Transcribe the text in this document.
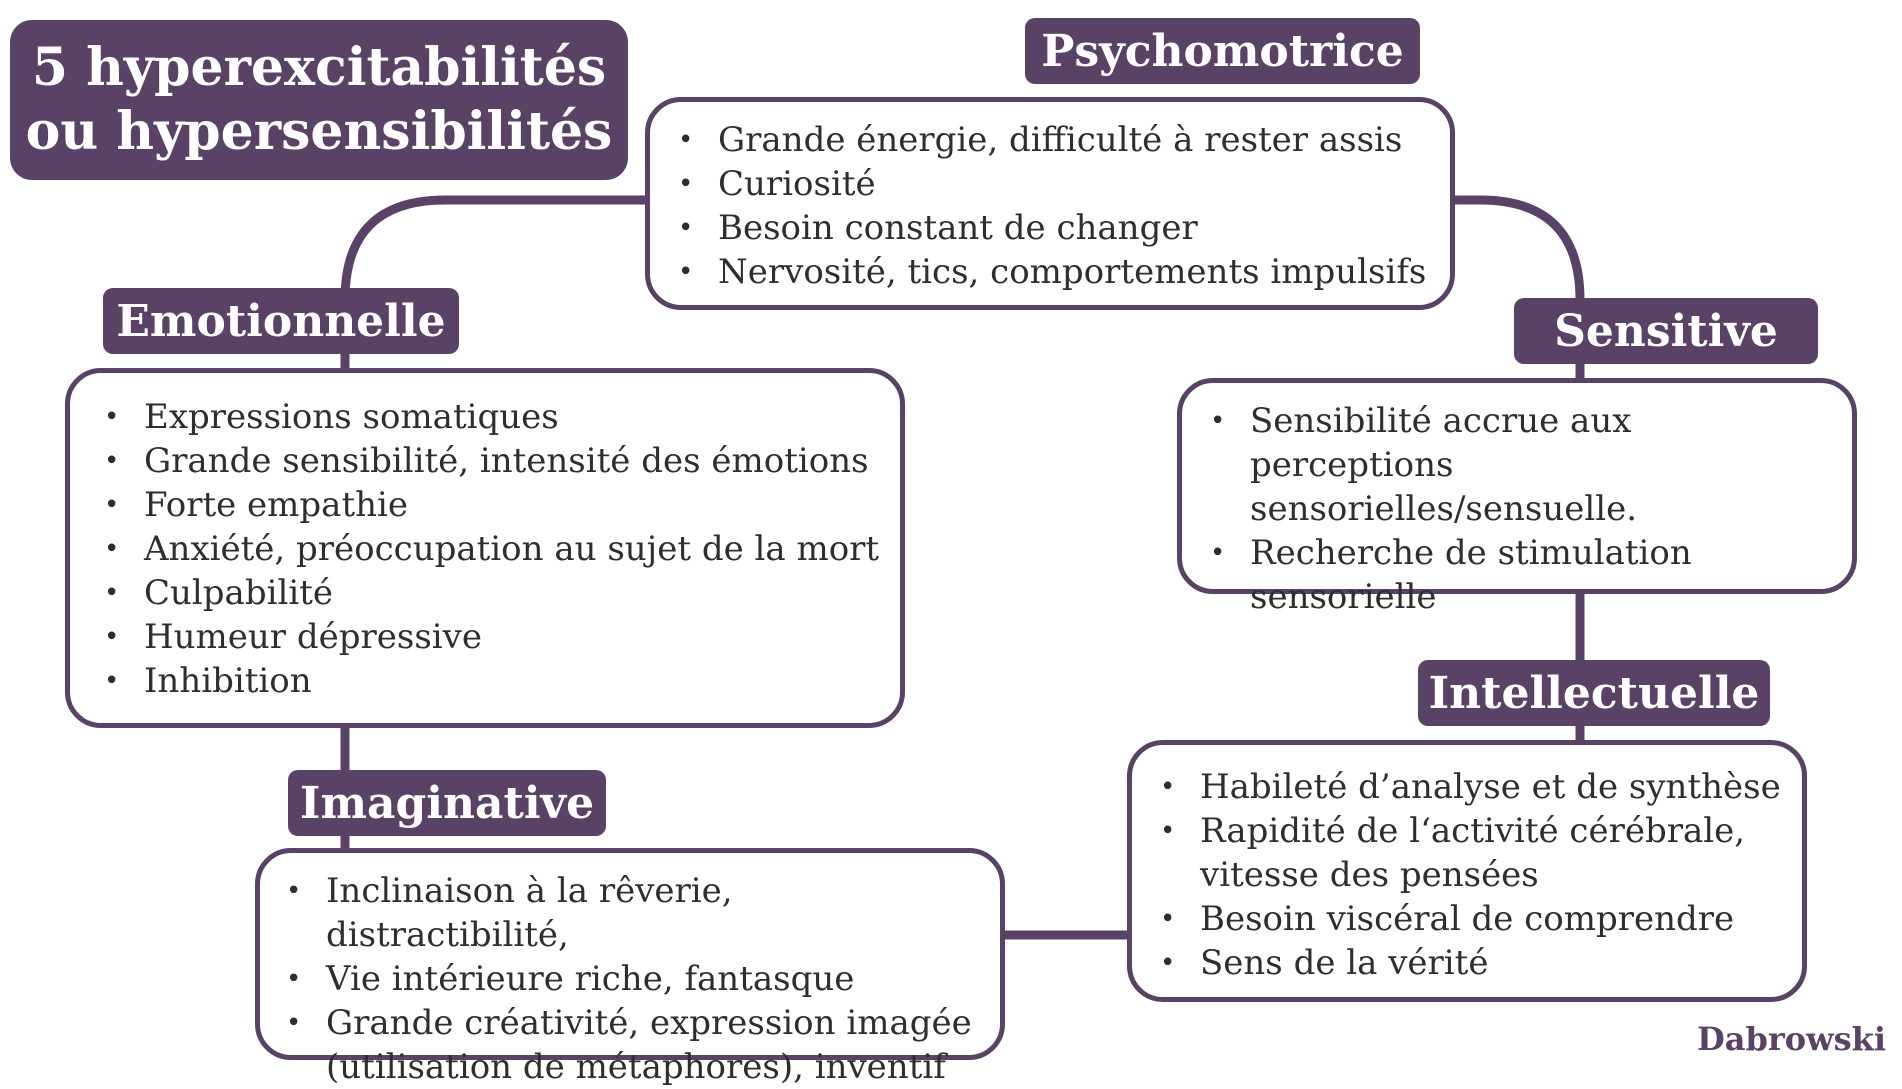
5 hyperexcitabilités
ou hypersensibilités
•	Grande énergie, difficulté à rester assis
• Curiosité
• Besoin constant de changer
• Nervosité, tics, comportements impulsifs
Psychomotrice
• Expressions somatiques
• Grande sensibilité, intensité des émotions
• Forte empathie
• Anxiété, préoccupation au sujet de la mort
• Culpabilité
• Humeur dépressive
• Inhibition
Emotionnelle
• Sensibilité accrue aux perceptions sensorielles/sensuelle.
• Recherche de stimulation sensorielle
Sensitive
• Habileté d’analyse et de synthèse
• Rapidité de l‘activité cérébrale, vitesse des pensées
• Besoin viscéral de comprendre
• Sens de la vérité
Intellectuelle
• Inclinaison à la rêverie, distractibilité,
• Vie intérieure riche, fantasque
• Grande créativité, expression imagée (utilisation de métaphores), inventif
Imaginative
Dabrowski
